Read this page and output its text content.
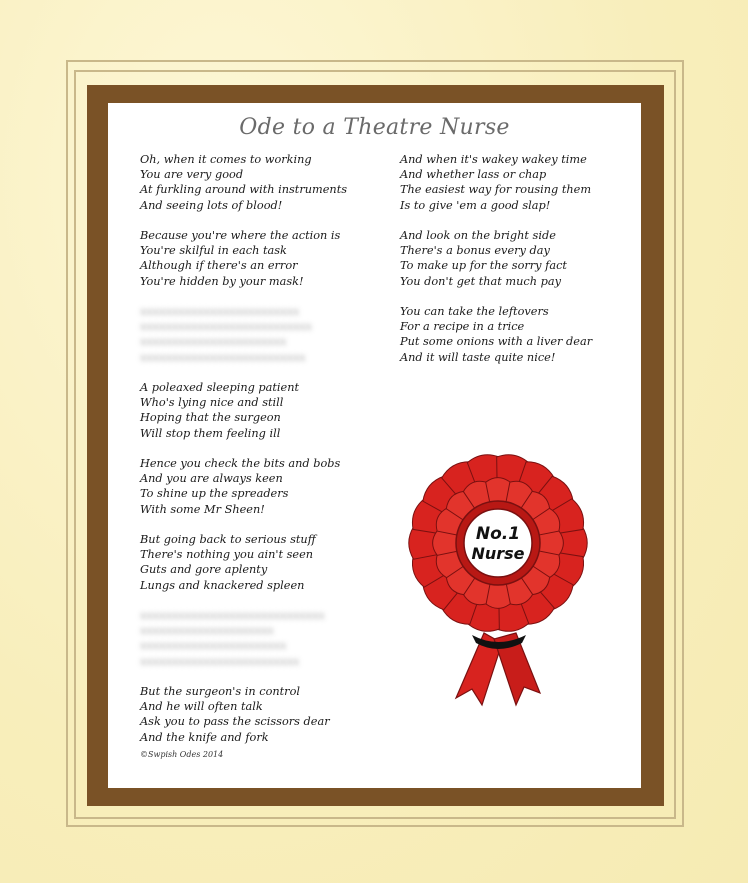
Ode to a Theatre Nurse
Oh, when it comes to working
You are very good
At furkling around with instruments
And seeing lots of blood!
Because you're where the action is
You're skilful in each task
Although if there's an error
You're hidden by your mask!
xxxxxxxxxxxxxxxxxxxxxxxxx
xxxxxxxxxxxxxxxxxxxxxxxxxxx
xxxxxxxxxxxxxxxxxxxxxxx
xxxxxxxxxxxxxxxxxxxxxxxxxx
A poleaxed sleeping patient
Who's lying nice and still
Hoping that the surgeon
Will stop them feeling ill
Hence you check the bits and bobs
And you are always keen
To shine up the spreaders
With some Mr Sheen!
But going back to serious stuff
There's nothing you ain't seen
Guts and gore aplenty
Lungs and knackered spleen
xxxxxxxxxxxxxxxxxxxxxxxxxxxxx
xxxxxxxxxxxxxxxxxxxxx
xxxxxxxxxxxxxxxxxxxxxxx
xxxxxxxxxxxxxxxxxxxxxxxxx
But the surgeon's in control
And he will often talk
Ask you to pass the scissors dear
And the knife and fork
And when it's wakey wakey time
And whether lass or chap
The easiest way for rousing them
Is to give 'em a good slap!
And look on the bright side
There's a bonus every day
To make up for the sorry fact
You don't get that much pay
You can take the leftovers
For a recipe in a trice
Put some onions with a liver dear
And it will taste quite nice!
No.1
Nurse
©Swpish Odes 2014
